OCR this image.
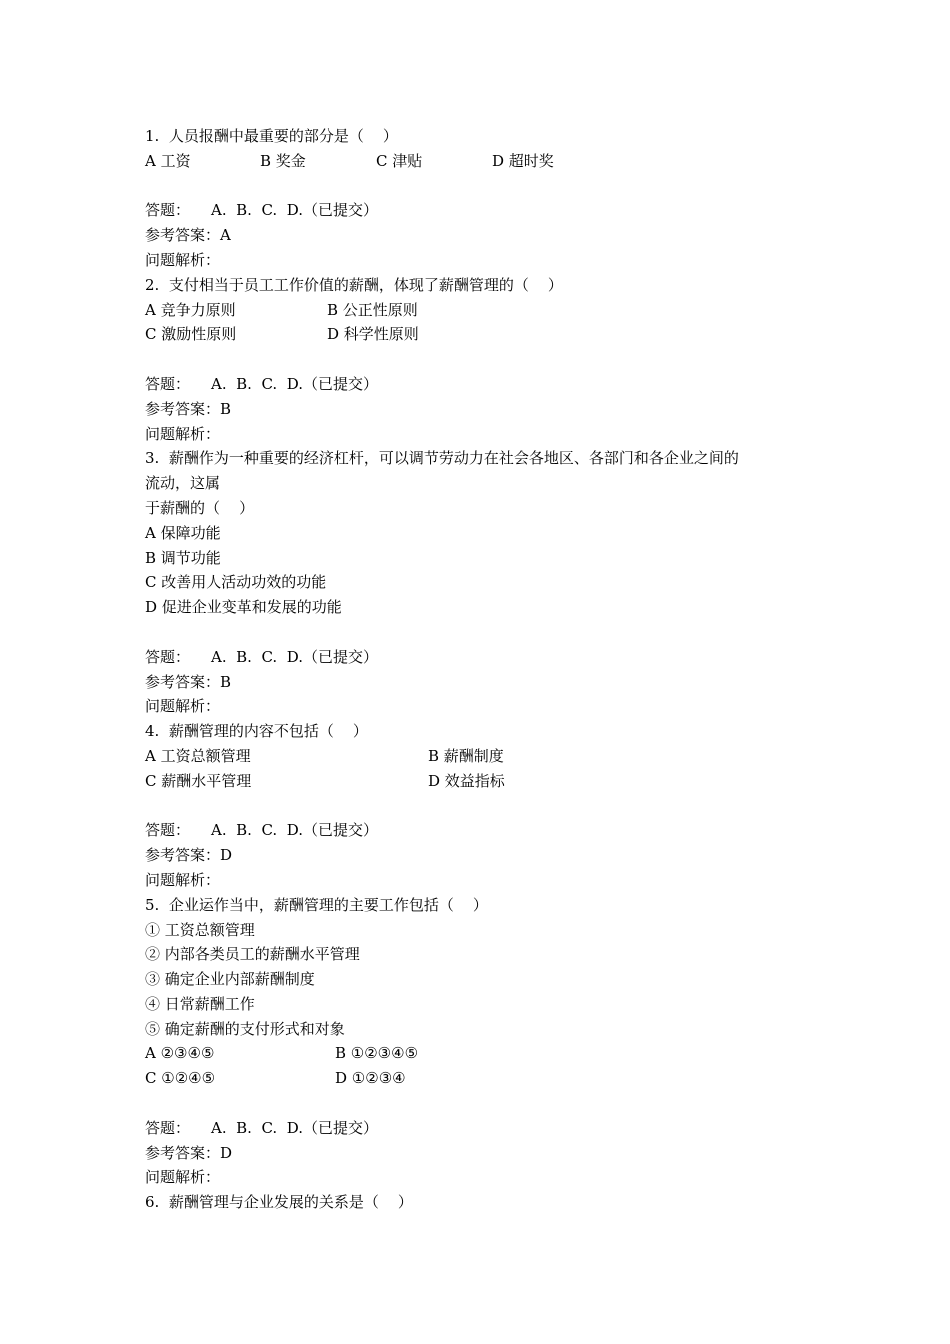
1.  人员报酬中最重要的部分是（    ）
A 工资	B 奖金	C 津贴	D 超时奖
答题：	A.  B.  C.  D.（已提交）
参考答案：A
问题解析：
2.  支付相当于员工工作价值的薪酬，体现了薪酬管理的（    ）
A 竞争力原则	B 公正性原则
C 激励性原则	D 科学性原则
答题：	A.  B.  C.  D.（已提交）
参考答案：B
问题解析：
3.  薪酬作为一种重要的经济杠杆，可以调节劳动力在社会各地区、各部门和各企业之间的
流动，这属
于薪酬的（    ）
A 保障功能
B 调节功能
C 改善用人活动功效的功能
D 促进企业变革和发展的功能
答题：	A.  B.  C.  D.（已提交）
参考答案：B
问题解析：
4.  薪酬管理的内容不包括（    ）
A 工资总额管理	B 薪酬制度
C 薪酬水平管理	D 效益指标
答题：	A.  B.  C.  D.（已提交）
参考答案：D
问题解析：
5.  企业运作当中，薪酬管理的主要工作包括（    ）
① 工资总额管理
② 内部各类员工的薪酬水平管理
③ 确定企业内部薪酬制度
④ 日常薪酬工作
⑤ 确定薪酬的支付形式和对象
A ②③④⑤	B ①②③④⑤
C ①②④⑤	D ①②③④
答题：	A.  B.  C.  D.（已提交）
参考答案：D
问题解析：
6.  薪酬管理与企业发展的关系是（    ）
